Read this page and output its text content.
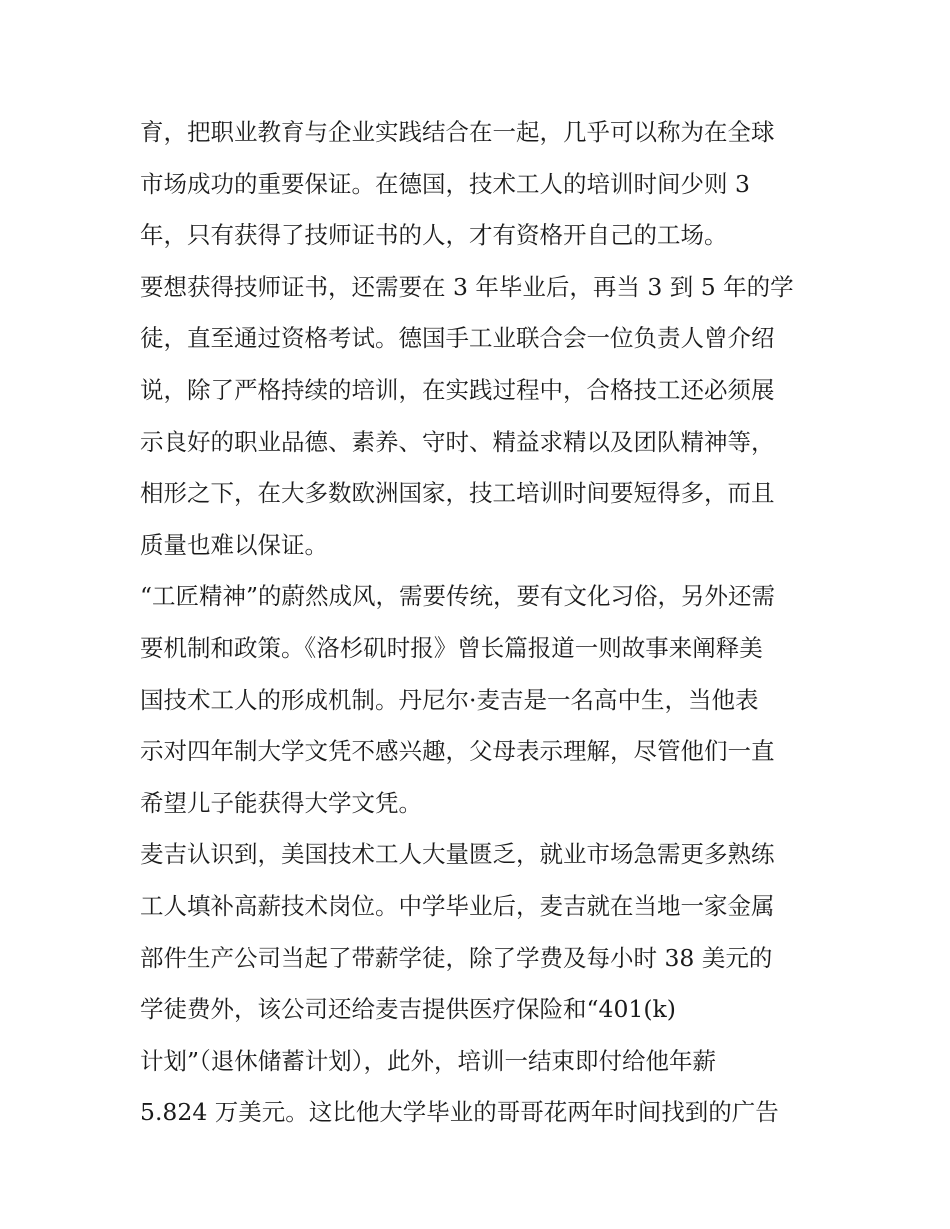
育，把职业教育与企业实践结合在一起，几乎可以称为在全球
市场成功的重要保证。在德国，技术工人的培训时间少则 3
年，只有获得了技师证书的人，才有资格开自己的工场。
要想获得技师证书，还需要在 3 年毕业后，再当 3 到 5 年的学
徒，直至通过资格考试。德国手工业联合会一位负责人曾介绍
说，除了严格持续的培训，在实践过程中，合格技工还必须展
示良好的职业品德、素养、守时、精益求精以及团队精神等，
相形之下，在大多数欧洲国家，技工培训时间要短得多，而且
质量也难以保证。
“工匠精神”的蔚然成风，需要传统，要有文化习俗，另外还需
要机制和政策。《洛杉矶时报》曾长篇报道一则故事来阐释美
国技术工人的形成机制。丹尼尔·麦吉是一名高中生，当他表
示对四年制大学文凭不感兴趣，父母表示理解，尽管他们一直
希望儿子能获得大学文凭。
麦吉认识到，美国技术工人大量匮乏，就业市场急需更多熟练
工人填补高薪技术岗位。中学毕业后，麦吉就在当地一家金属
部件生产公司当起了带薪学徒，除了学费及每小时 38 美元的
学徒费外，该公司还给麦吉提供医疗保险和“401(k)
计划”（退休储蓄计划），此外，培训一结束即付给他年薪
5.824 万美元。这比他大学毕业的哥哥花两年时间找到的广告
